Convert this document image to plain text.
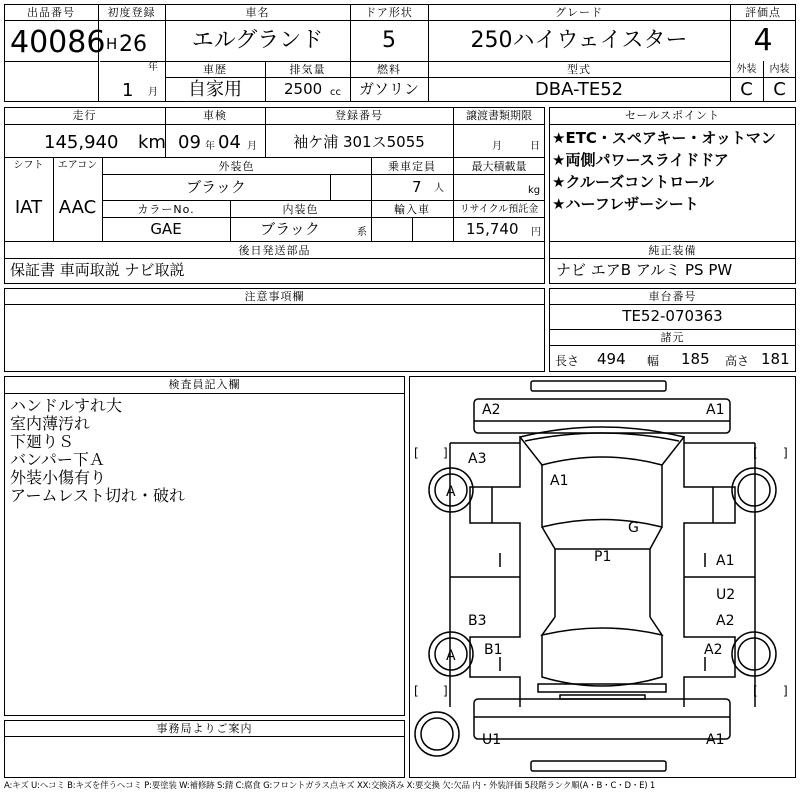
出品番号
40086
初度登録
H 26
年
1 月
車名
エルグランド
ドア形状
5
グレード
250ハイウェイスター
評価点
4
車歴
自家用
排気量
2500 cc
燃料
ガソリン
型式
DBA-TE52
外装	内装
C	C
走行
145,940 km
車検
09 年 04 月
登録番号
袖ケ浦 301ス5055
譲渡書類期限
月	日
シフト
IAT
エアコン
AAC
外装色
ブラック
乗車定員
7 人
最大積載量
kg
カラーNo.
GAE
内装色
ブラック	系
輸入車	リサイクル預託金
15,740 円
後日発送部品
保証書 車両取説 ナビ取説
セールスポイント
★ETC・スペアキー・オットマン
★両側パワースライドドア
★クルーズコントロール
★ハーフレザーシート
純正装備
ナビ エアB アルミ PS PW
注意事項欄	車台番号
TE52-070363
諸元
長さ 494 幅 185 高さ 181
検査員記入欄
ハンドルすれ大
室内薄汚れ
下廻りＳ
バンパー下Ａ
外装小傷有り
アームレスト切れ・破れ
事務局よりご案内
A2	A1
A3
A
A1
G
P1	A1
U2
B3	A2
A B1	A2
U1	A1
[ ]	[ ]
[ ]	[ ]
A:キズ U:ヘコミ B:キズを伴うヘコミ P:要塗装 W:補修跡 S:錆 C:腐食 G:フロントガラス点キズ XX:交換済み X:要交換 欠:欠品 内・外装評価 5段階ランク順(A・B・C・D・E) 1
